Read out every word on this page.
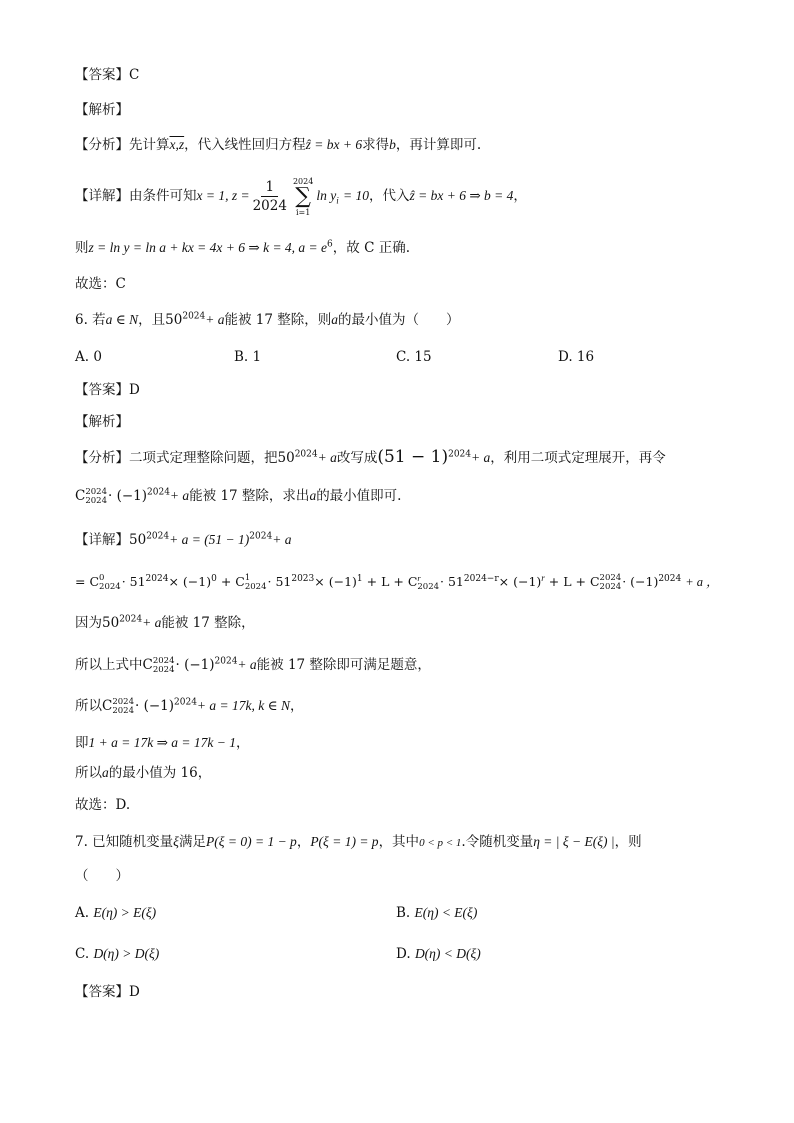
【答案】C
【解析】
【分析】先计算x,z，代入线性回归方程ẑ = bx + 6求得b，再计算即可.
【详解】由条件可知x = 1, $z = \frac{1}{2024} 2024$
∑
i=1
$\ln y_i = 10$，代入ẑ = bx + 6 ⇒ b = 4，
则z = ln y = ln a + kx = 4x + 6 ⇒ k = 4, $a = e^6$，故 C 正确.
故选：C
6. 若a ∈ N，且$50^{2024}+ a$能被 17 整除，则a的最小值为（　　）
A. 0	B. 1	C. 15	D. 16
【答案】D
【解析】
【分析】二项式定理整除问题，把$50^{2024}+ a$改写成$(51 - 1)^{2024}+ a$，利用二项式定理展开，再令
C 2024
$2024 \cdot (-1)^{2024}+ a$能被 17 整除，求出a的最小值即可.
【详解】$50^{2024}+ a = (51 - 1)^{2024}+ a$
= C 0
$2024 \cdot 51^{2024}\times (-1)^0 + C$ 1
$2024 \cdot 51^{2023}\times (-1)^1 + L + C$ r
$2024 \cdot 51^{2024-r}\times (-1)^r + L + C$ 2024
$2024 \cdot (-1)^{2024} + a$ ，
因为$50^{2024}+ a$能被 17 整除，
所以上式中C 2024
$2024 \cdot (-1)^{2024}+ a$能被 17 整除即可满足题意，
所以C 2024
$2024 \cdot (-1)^{2024}+ a = 17k$, k ∈ N，
即1 + a = 17k ⇒ a = 17k − 1，
所以a的最小值为 16，
故选：D.
7. 已知随机变量ξ满足P(ξ = 0) = 1 − p，P(ξ = 1) = p，其中0 < p < 1.令随机变量η = | ξ − E(ξ) |，则
（　　）
A. E(η) > E(ξ)	B. E(η) < E(ξ)
C. D(η) > D(ξ)	D. D(η) < D(ξ)
【答案】D
